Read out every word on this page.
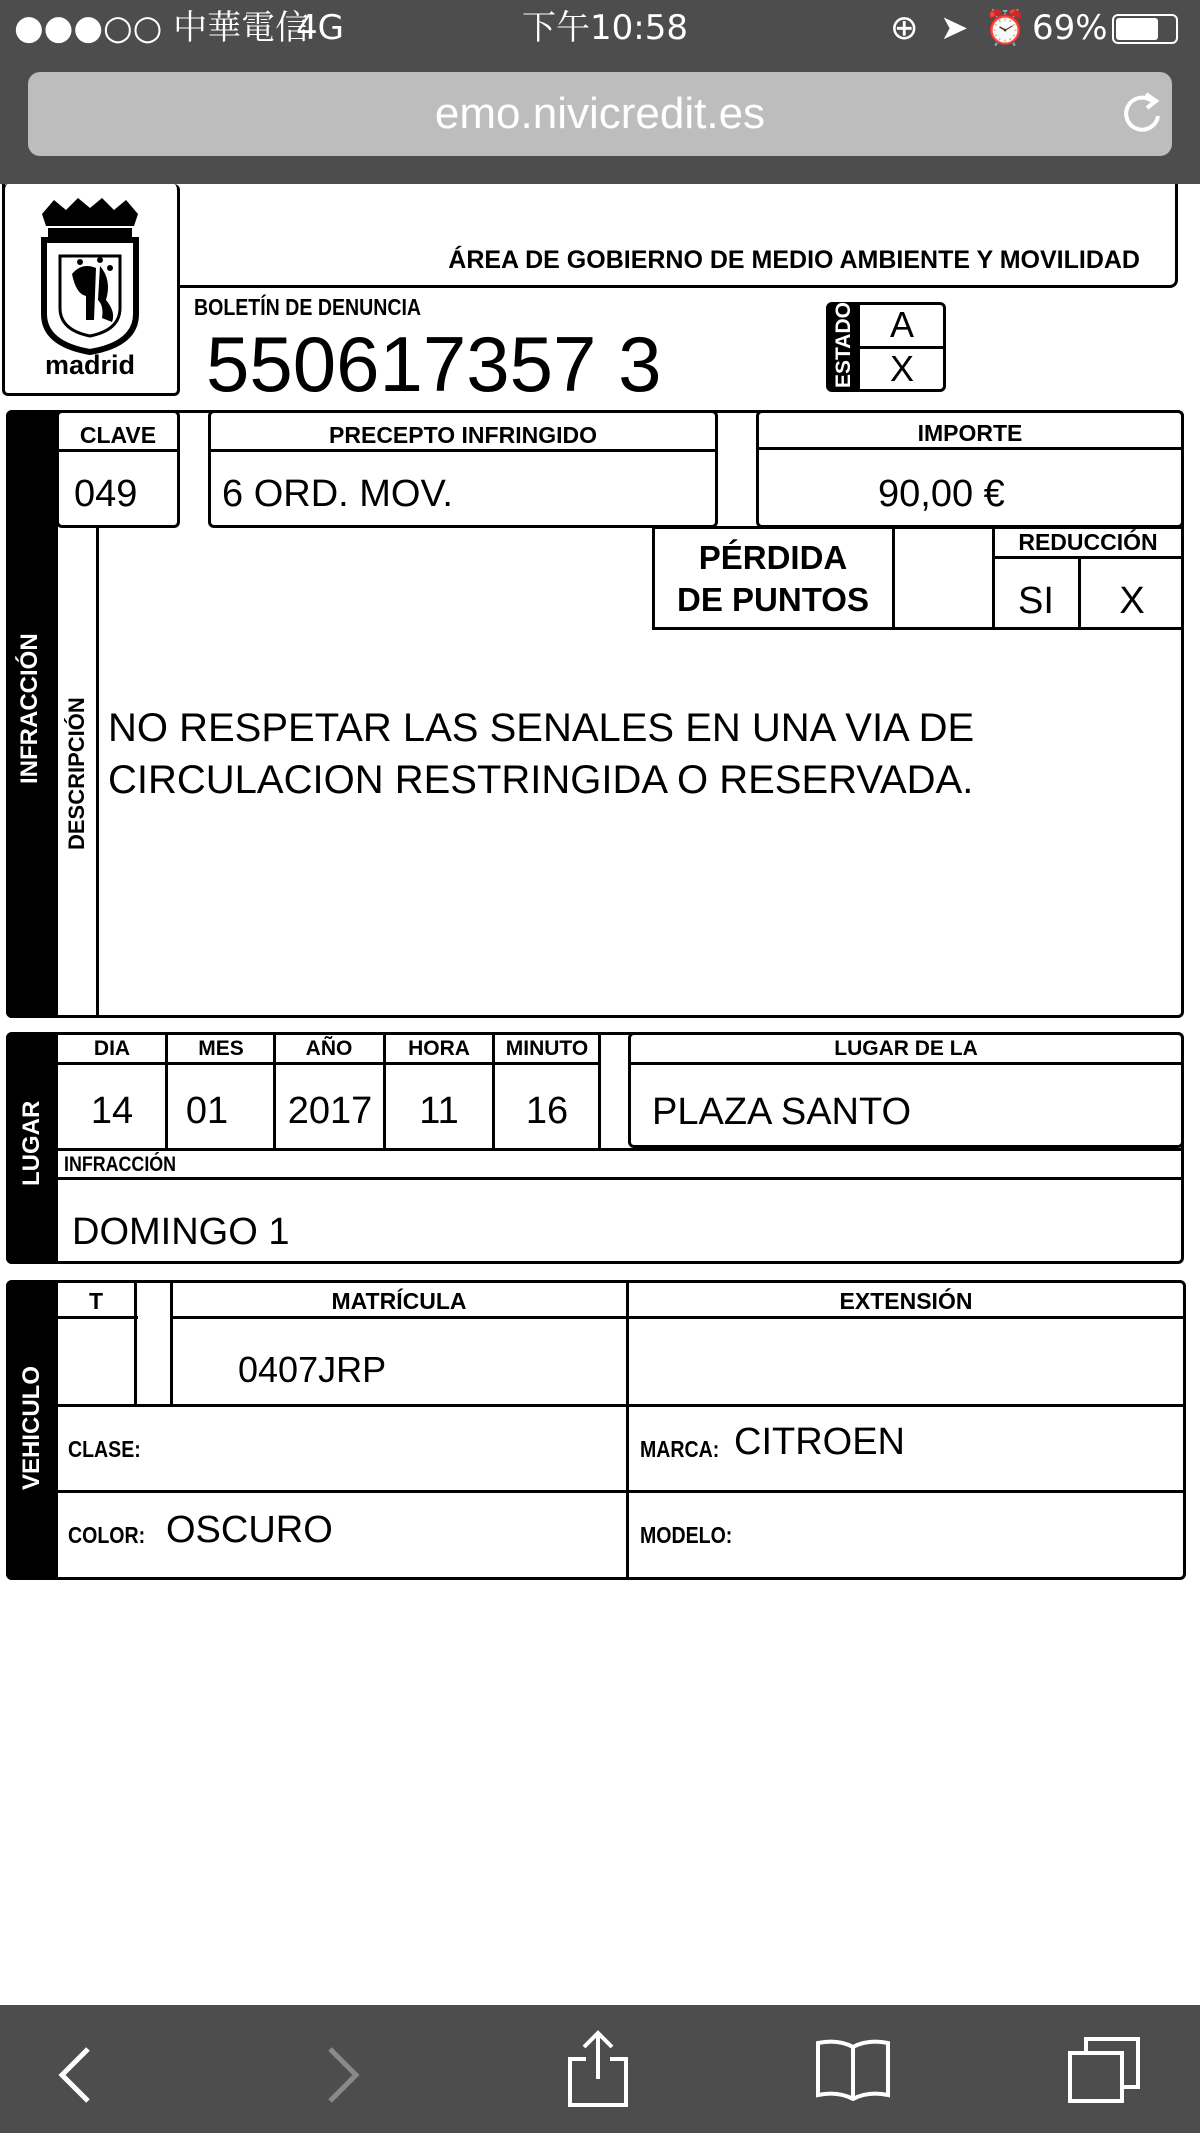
●●●○○ 中華電信
4G	下午10:58	⊕ ➤ ⏰ 69%
emo.nivicredit.es
madrid
ÁREA DE GOBIERNO DE MEDIO AMBIENTE Y MOVILIDAD
BOLETÍN DE DENUNCIA
550617357 3	ESTADO A
X
INFRACCIÓN
CLAVE
049
PRECEPTO INFRINGIDO
6 ORD. MOV.
IMPORTE
90,00 €
DESCRIPCIÓN
PÉRDIDA
DE PUNTOS
REDUCCIÓN
SI	X
NO RESPETAR LAS SENALES EN UNA VIA DE
CIRCULACION RESTRINGIDA O RESERVADA.
LUGAR
DIA	MES	AÑO	HORA	MINUTO
14	01	2017	11	16
LUGAR DE LA
PLAZA SANTO
INFRACCIÓN
DOMINGO 1
VEHICULO
T	MATRÍCULA	EXTENSIÓN
0407JRP
CLASE:	MARCA: CITROEN
COLOR: OSCURO	MODELO:
